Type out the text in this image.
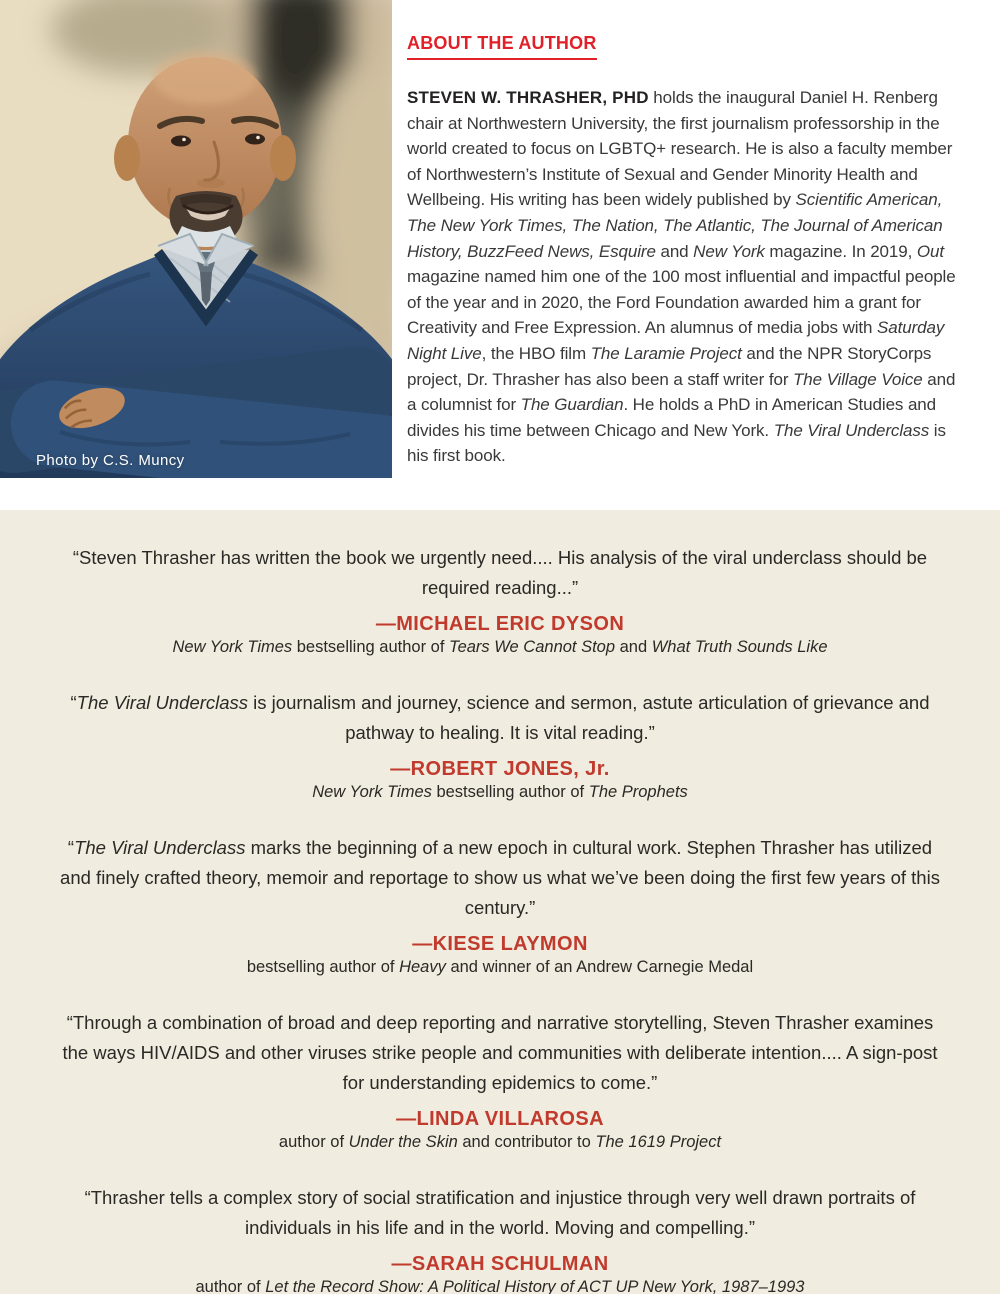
Photo by C.S. Muncy
ABOUT THE AUTHOR

STEVEN W. THRASHER, PHD holds the inaugural Daniel H. Renberg chair at Northwestern University, the first journalism professorship in the world created to focus on LGBTQ+ research. He is also a faculty member of Northwestern’s Institute of Sexual and Gender Minority Health and Wellbeing. His writing has been widely published by Scientific American, The New York Times, The Nation, The Atlantic, The Journal of American History, BuzzFeed News, Esquire and New York magazine. In 2019, Out magazine named him one of the 100 most influential and impactful people of the year and in 2020, the Ford Foundation awarded him a grant for Creativity and Free Expression. An alumnus of media jobs with Saturday Night Live, the HBO film The Laramie Project and the NPR StoryCorps project, Dr. Thrasher has also been a staff writer for The Village Voice and a columnist for The Guardian. He holds a PhD in American Studies and divides his time between Chicago and New York. The Viral Underclass is his first book.

“Steven Thrasher has written the book we urgently need.... His analysis of the viral underclass should be required reading...”

—MICHAEL ERIC DYSON

New York Times bestselling author of Tears We Cannot Stop and What Truth Sounds Like

“The Viral Underclass is journalism and journey, science and sermon, astute articulation of grievance and pathway to healing. It is vital reading.”

—ROBERT JONES, Jr.

New York Times bestselling author of The Prophets

“The Viral Underclass marks the beginning of a new epoch in cultural work. Stephen Thrasher has utilized and finely crafted theory, memoir and reportage to show us what we’ve been doing the first few years of this century.”

—KIESE LAYMON

bestselling author of Heavy and winner of an Andrew Carnegie Medal

“Through a combination of broad and deep reporting and narrative storytelling, Steven Thrasher examines the ways HIV/AIDS and other viruses strike people and communities with deliberate intention.... A sign-post for understanding epidemics to come.”

—LINDA VILLAROSA

author of Under the Skin and contributor to The 1619 Project

“Thrasher tells a complex story of social stratification and injustice through very well drawn portraits of individuals in his life and in the world. Moving and compelling.”

—SARAH SCHULMAN

author of Let the Record Show: A Political History of ACT UP New York, 1987–1993
